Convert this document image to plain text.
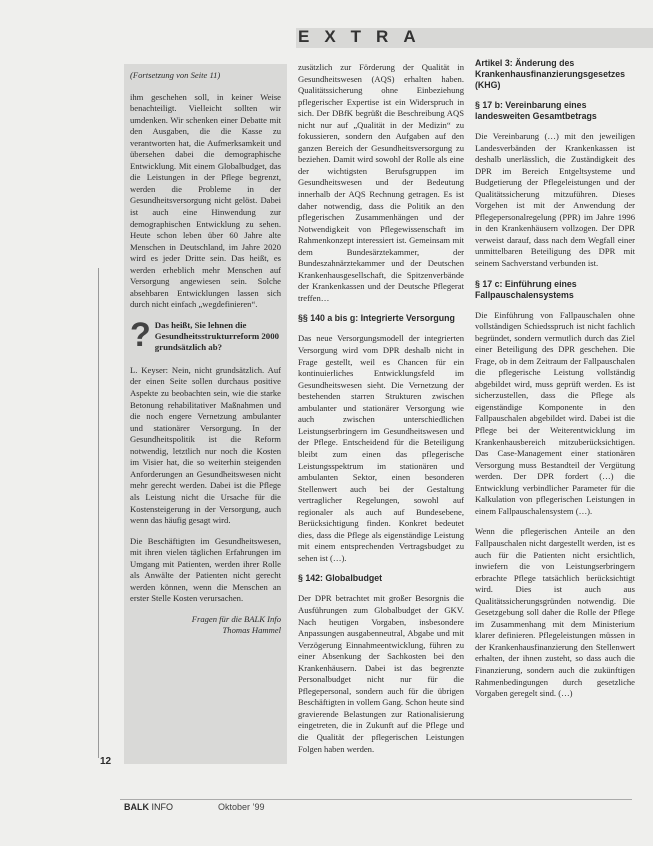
EXTRA
12

(Fortsetzung von Seite 11)

ihm geschehen soll, in keiner Weise benachteiligt. Vielleicht sollten wir umdenken. Wir schenken einer Debatte mit den Ausgaben, die die Kasse zu verantworten hat, die Aufmerksamkeit und übersehen dabei die demographische Entwicklung. Mit einem Globalbudget, das die Leistungen in der Pflege begrenzt, werden die Probleme in der Gesundheitsversorgung nicht gelöst. Dabei ist auch eine Hinwendung zur demographischen Entwicklung zu sehen. Heute schon leben über 60 Jahre alte Menschen in Deutschland, im Jahre 2020 wird es jeder Dritte sein. Das heißt, es werden erheblich mehr Menschen auf Versorgung angewiesen sein. Solche absehbaren Entwicklungen lassen sich durch nicht einfach „wegdefinieren“.

? Das heißt, Sie lehnen die Gesundheitsstrukturreform 2000 grundsätzlich ab?

L. Keyser: Nein, nicht grundsätzlich. Auf der einen Seite sollen durchaus positive Aspekte zu beobachten sein, wie die starke Betonung rehabilitativer Maßnahmen und die noch engere Vernetzung ambulanter und stationärer Versorgung. In der Gesundheitspolitik ist die Reform notwendig, letztlich nur noch die Kosten im Visier hat, die so weiterhin steigenden Anforderungen an Gesundheitswesen nicht mehr gerecht werden. Dabei ist die Pflege als Leistung nicht die Ursache für die Kostensteigerung in der Versorgung, auch wenn das häufig gesagt wird.

Die Beschäftigten im Gesundheitswesen, mit ihren vielen täglichen Erfahrungen im Umgang mit Patienten, werden ihrer Rolle als Anwälte der Patienten nicht gerecht werden können, wenn die Menschen an erster Stelle Kosten verursachen.

Fragen für die BALK Info
Thomas Hammel

zusätzlich zur Förderung der Qualität in Gesundheitswesen (AQS) erhalten haben. Qualitätssicherung ohne Einbeziehung pflegerischer Expertise ist ein Widerspruch in sich. Der DBfK begrüßt die Beschreibung AQS nicht nur auf „Qualität in der Medizin“ zu fokussieren, sondern den Aufgaben auf den ganzen Bereich der Gesundheitsversorgung zu beziehen. Damit wird sowohl der Rolle als eine der wichtigsten Berufsgruppen im Gesundheitswesen und der Bedeutung innerhalb der AQS Rechnung getragen. Es ist daher notwendig, dass die Politik an den pflegerischen Zusammenhängen und der Notwendigkeit von Pflegewissenschaft im Rahmenkonzept interessiert ist. Gemeinsam mit dem Bundesärztekammer, der Bundeszahnärztekammer und der Deutschen Krankenhausgesellschaft, die Spitzenverbände der Krankenkassen und der Deutsche Pflegerat treffen…

§§ 140 a bis g: Integrierte Versorgung

Das neue Versorgungsmodell der integrierten Versorgung wird vom DPR deshalb nicht in Frage gestellt, weil es Chancen für ein kontinuierliches Entwicklungsfeld im Gesundheitswesen sieht. Die Vernetzung der bestehenden starren Strukturen zwischen ambulanter und stationärer Versorgung wie auch zwischen unterschiedlichen Leistungserbringern im Gesundheitswesen und der Pflege. Entscheidend für die Beteiligung bleibt zum einen das pflegerische Leistungsspektrum im stationären und ambulanten Sektor, einen besonderen Stellenwert auch bei der Gestaltung vertraglicher Regelungen, sowohl auf regionaler als auch auf Bundesebene, Berücksichtigung finden. Konkret bedeutet dies, dass die Pflege als eigenständige Leistung mit einem entsprechenden Vertragsbudget zu sehen ist (…).

§ 142: Globalbudget

Der DPR betrachtet mit großer Besorgnis die Ausführungen zum Globalbudget der GKV. Nach heutigen Vorgaben, insbesondere Anpassungen ausgabenneutral, Abgabe und mit Verzögerung Einnahmeentwicklung, führen zu einer Absenkung der Sachkosten bei den Krankenhäusern. Dabei ist das begrenzte Personalbudget nicht nur für die Pflegepersonal, sondern auch für die übrigen Beschäftigten in vollem Gang. Schon heute sind gravierende Belastungen zur Rationalisierung eingetreten, die in Zukunft auf die Pflege und die Qualität der pflegerischen Leistungen Folgen haben werden.

Artikel 3: Änderung des Krankenhausfinanzierungsgesetzes (KHG)

§ 17 b: Vereinbarung eines landesweiten Gesamtbetrags

Die Vereinbarung (…) mit den jeweiligen Landesverbänden der Krankenkassen ist deshalb unerlässlich, die Zuständigkeit des DPR im Bereich Entgeltsysteme und Budgetierung der Pflegeleistungen und der Qualitätssicherung mitzuführen. Dieses Vorgehen ist mit der Anwendung der Pflegepersonalregelung (PPR) im Jahre 1996 in den Krankenhäusern vollzogen. Der DPR verweist darauf, dass nach dem Wegfall einer unmittelbaren Beteiligung des DPR mit seinem Sachverstand verbunden ist.

§ 17 c: Einführung eines Fallpauschalensystems

Die Einführung von Fallpauschalen ohne vollständigen Schiedsspruch ist nicht fachlich begründet, sondern vermutlich durch das Ziel einer Beteiligung des DPR geschehen. Die Frage, ob in dem Zeitraum der Fallpauschalen die pflegerische Leistung vollständig abgebildet wird, muss geprüft werden. Es ist sicherzustellen, dass die Pflege als eigenständige Komponente in den Fallpauschalen abgebildet wird. Dabei ist die Pflege bei der Weiterentwicklung im Krankenhausbereich mitzuberücksichtigen. Das Case-Management einer stationären Versorgung muss Bestandteil der Vergütung werden. Der DPR fordert (…) die Entwicklung verbindlicher Parameter für die Kalkulation von pflegerischen Leistungen in einem Fallpauschalensystem (…).

Wenn die pflegerischen Anteile an den Fallpauschalen nicht dargestellt werden, ist es auch für die Patienten nicht ersichtlich, inwiefern die von Leistungserbringern erbrachte Pflege tatsächlich berücksichtigt wird. Dies ist auch aus Qualitätssicherungsgründen notwendig. Die Gesetzgebung soll daher die Rolle der Pflege im Zusammenhang mit dem Ministerium klarer definieren. Pflegeleistungen müssen in der Krankenhausfinanzierung den Stellenwert erhalten, der ihnen zusteht, so dass auch die Finanzierung, sondern auch die zukünftigen Rahmenbedingungen durch gesetzliche Vorgaben geregelt sind. (…)

BALK INFO	Oktober ’99
